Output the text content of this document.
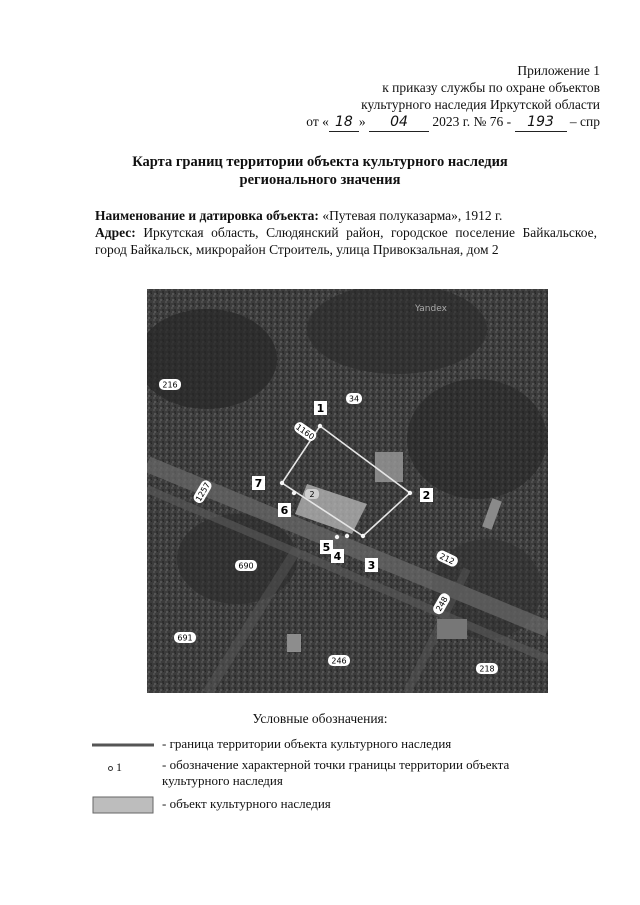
Приложение 1
к приказу службы по охране объектов
культурного наследия Иркутской области
от « 18 » 04 2023 г. № 76 - 193 – спр
Карта границ территории объекта культурного наследия
регионального значения
Наименование и датировка объекта: «Путевая полуказарма», 1912 г.
Адрес: Иркутская область, Слюдянский район, городское поселение Байкальское, город Байкальск, микрорайон Строитель, улица Привокзальная, дом 2
1
2
3
4
5
6
7
216
34
1160
1257
690
691
246
212
248
218
2
Yandex
Условные обозначения:
- граница территории объекта культурного наследия
1	- обозначение характерной точки границы территории объекта культурного наследия
- объект культурного наследия
